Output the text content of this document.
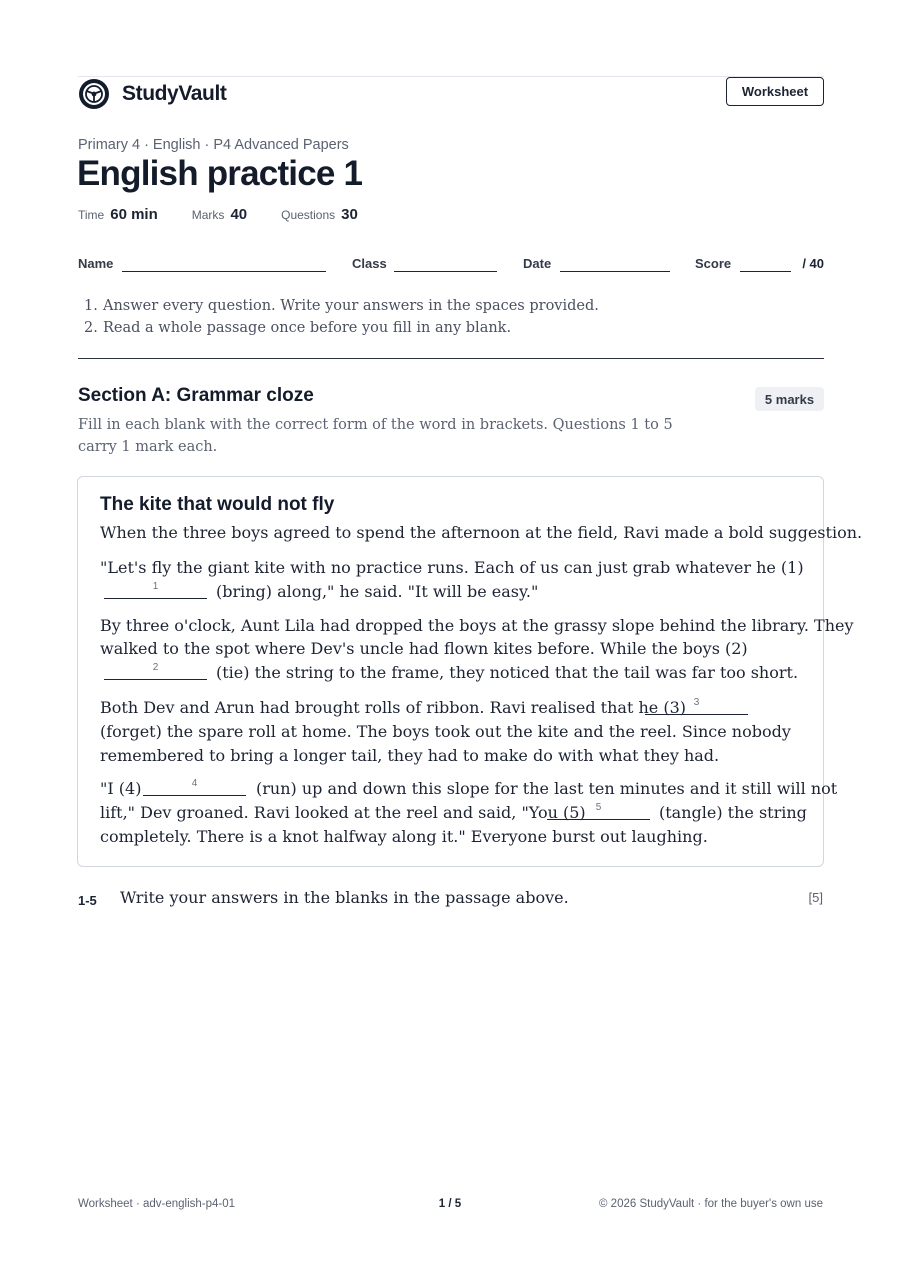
StudyVault	Worksheet
Primary 4 · English · P4 Advanced Papers
English practice 1
Time 60 min	Marks 40	Questions 30
Name	Class	Date	Score	/ 40
1. Answer every question. Write your answers in the spaces provided.
2. Read a whole passage once before you fill in any blank.
Section A: Grammar cloze	5 marks
Fill in each blank with the correct form of the word in brackets. Questions 1 to 5 carry 1 mark each.
The kite that would not fly
When the three boys agreed to spend the afternoon at the field, Ravi made a bold suggestion.
"Let's fly the giant kite with no practice runs. Each of us can just grab whatever he (1)
1	(bring) along," he said. "It will be easy."
By three o'clock, Aunt Lila had dropped the boys at the grassy slope behind the library. They
walked to the spot where Dev's uncle had flown kites before. While the boys (2)
2	(tie) the string to the frame, they noticed that the tail was far too short.
Both Dev and Arun had brought rolls of ribbon. Ravi realised that he (3) 3
(forget) the spare roll at home. The boys took out the kite and the reel. Since nobody
remembered to bring a longer tail, they had to make do with what they had.
"I (4)	4	(run) up and down this slope for the last ten minutes and it still will not
lift," Dev groaned. Ravi looked at the reel and said, "You (5)	5	(tangle) the string
completely. There is a knot halfway along it." Everyone burst out laughing.
1-5 Write your answers in the blanks in the passage above.	[5]
Worksheet · adv-english-p4-01	1 / 5	© 2026 StudyVault · for the buyer's own use
